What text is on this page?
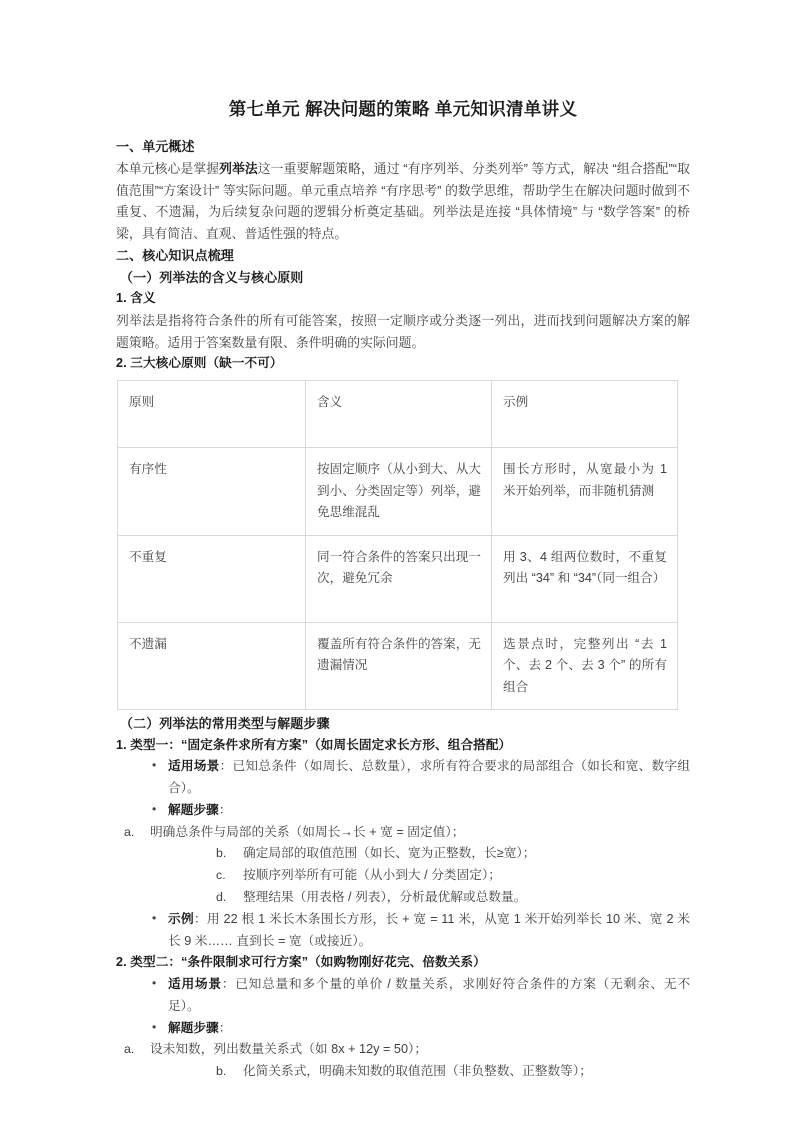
第七单元 解决问题的策略 单元知识清单讲义
一、单元概述

本单元核心是掌握列举法这一重要解题策略，通过 “有序列举、分类列举” 等方式，解决 “组合搭配”“取值范围”“方案设计” 等实际问题。单元重点培养 “有序思考” 的数学思维，帮助学生在解决问题时做到不重复、不遗漏，为后续复杂问题的逻辑分析奠定基础。列举法是连接 “具体情境” 与 “数学答案” 的桥梁，具有简洁、直观、普适性强的特点。

二、核心知识点梳理
（一）列举法的含义与核心原则
1. 含义

列举法是指将符合条件的所有可能答案，按照一定顺序或分类逐一列出，进而找到问题解决方案的解题策略。适用于答案数量有限、条件明确的实际问题。

2. 三大核心原则（缺一不可）
原则	含义	示例
有序性	按固定顺序（从小到大、从大到小、分类固定等）列举，避免思维混乱	围长方形时，从宽最小为 1 米开始列举，而非随机猜测
不重复	同一符合条件的答案只出现一次，避免冗余	用 3、4 组两位数时，不重复列出 “34” 和 “34”（同一组合）
不遗漏	覆盖所有符合条件的答案，无遗漏情况	选景点时，完整列出 “去 1 个、去 2 个、去 3 个” 的所有组合
（二）列举法的常用类型与解题步骤
1. 类型一：“固定条件求所有方案”（如周长固定求长方形、组合搭配）
• 适用场景：已知总条件（如周长、总数量），求所有符合要求的局部组合（如长和宽、数字组合）。
• 解题步骤：
a. 明确总条件与局部的关系（如周长→长 + 宽 = 固定值）；
b. 确定局部的取值范围（如长、宽为正整数，长≥宽）；
c. 按顺序列举所有可能（从小到大 / 分类固定）；
d. 整理结果（用表格 / 列表），分析最优解或总数量。
• 示例：用 22 根 1 米长木条围长方形，长 + 宽 = 11 米，从宽 1 米开始列举长 10 米、宽 2 米长 9 米…… 直到长 = 宽（或接近）。
2. 类型二：“条件限制求可行方案”（如购物刚好花完、倍数关系）
• 适用场景：已知总量和多个量的单价 / 数量关系，求刚好符合条件的方案（无剩余、无不足）。
• 解题步骤：
a. 设未知数，列出数量关系式（如 8x + 12y = 50）；
b. 化简关系式，明确未知数的取值范围（非负整数、正整数等）；
